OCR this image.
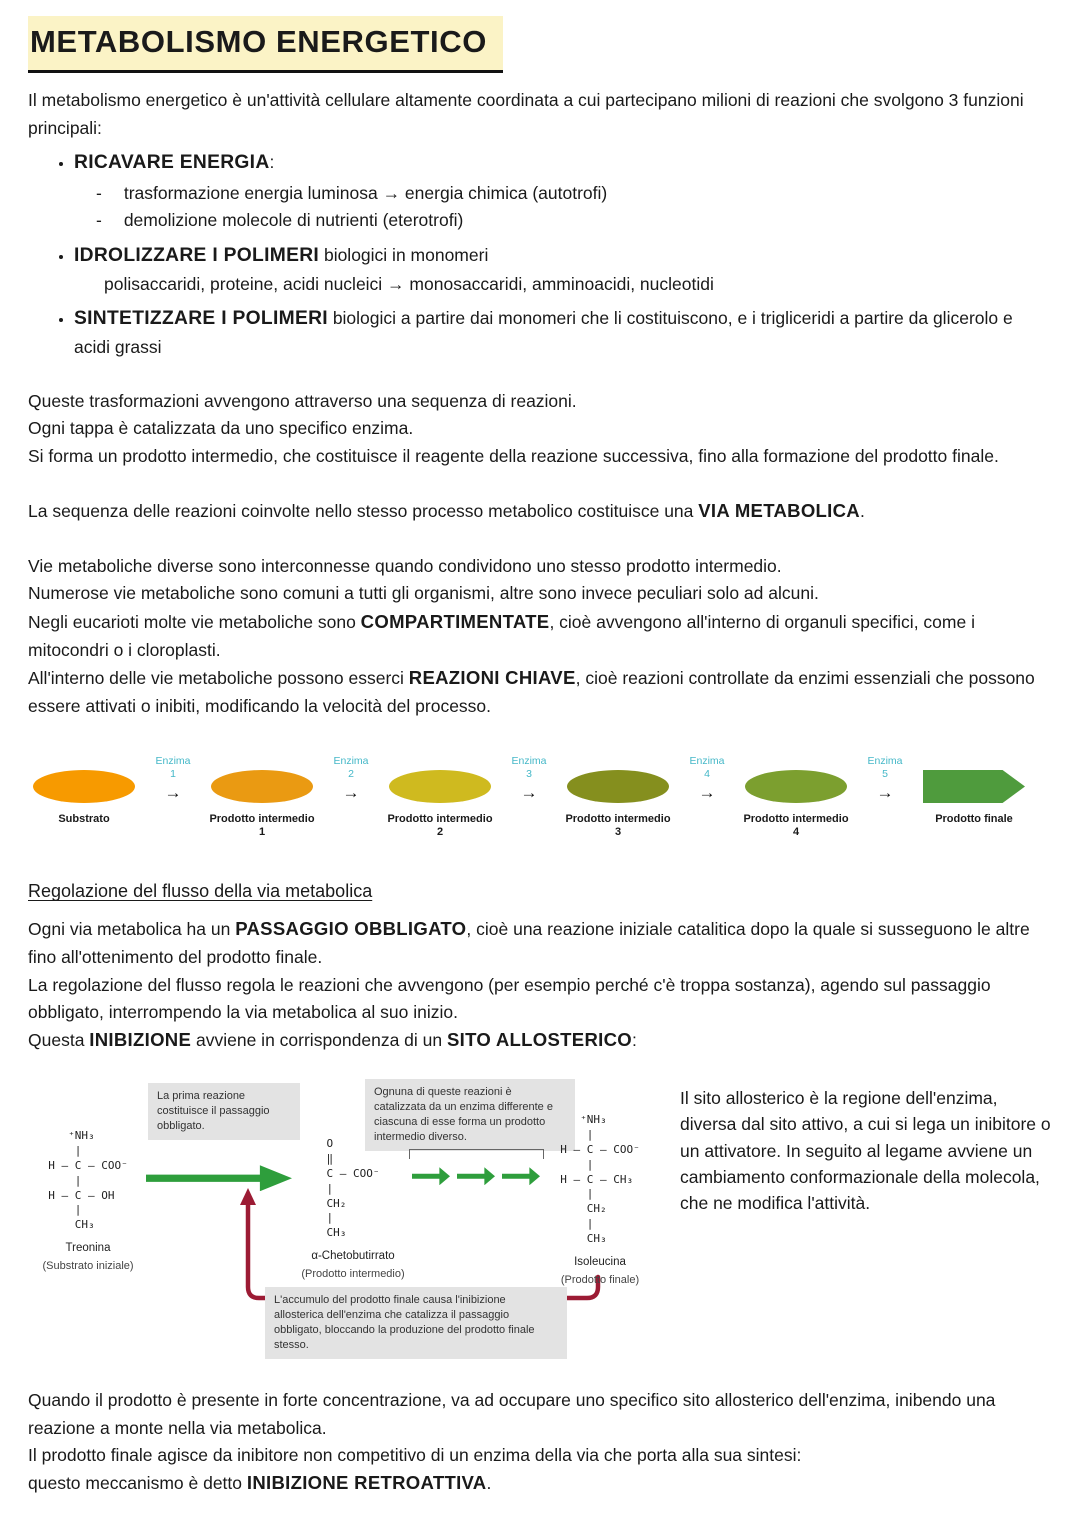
METABOLISMO ENERGETICO

Il metabolismo energetico è un'attività cellulare altamente coordinata a cui partecipano milioni di reazioni che svolgono 3 funzioni principali:

• RICAVARE ENERGIA:
- trasformazione energia luminosa → energia chimica (autotrofi)
- demolizione molecole di nutrienti (eterotrofi)
• IDROLIZZARE I POLIMERI biologici in monomeri
polisaccaridi, proteine, acidi nucleici → monosaccaridi, amminoacidi, nucleotidi
• SINTETIZZARE I POLIMERI biologici a partire dai monomeri che li costituiscono, e i trigliceridi a partire da glicerolo e acidi grassi

Queste trasformazioni avvengono attraverso una sequenza di reazioni.

Ogni tappa è catalizzata da uno specifico enzima.

Si forma un prodotto intermedio, che costituisce il reagente della reazione successiva, fino alla formazione del prodotto finale.

La sequenza delle reazioni coinvolte nello stesso processo metabolico costituisce una VIA METABOLICA.

Vie metaboliche diverse sono interconnesse quando condividono uno stesso prodotto intermedio.

Numerose vie metaboliche sono comuni a tutti gli organismi, altre sono invece peculiari solo ad alcuni.

Negli eucarioti molte vie metaboliche sono COMPARTIMENTATE, cioè avvengono all'interno di organuli specifici, come i mitocondri o i cloroplasti.

All'interno delle vie metaboliche possono esserci REAZIONI CHIAVE, cioè reazioni controllate da enzimi essenziali che possono essere attivati o inibiti, modificando la velocità del processo.

Substrato
Enzima
1
→
Prodotto intermedio 1
Enzima
2
→
Prodotto intermedio 2
Enzima
3
→
Prodotto intermedio 3
Enzima
4
→
Prodotto intermedio 4
Enzima
5
→
Prodotto finale

Regolazione del flusso della via metabolica

Ogni via metabolica ha un PASSAGGIO OBBLIGATO, cioè una reazione iniziale catalitica dopo la quale si susseguono le altre fino all'ottenimento del prodotto finale.

La regolazione del flusso regola le reazioni che avvengono (per esempio perché c'è troppa sostanza), agendo sul passaggio obbligato, interrompendo la via metabolica al suo inizio.

Questa INIBIZIONE avviene in corrispondenza di un SITO ALLOSTERICO:

La prima reazione costituisce il passaggio obbligato.
Ognuna di queste reazioni è catalizzata da un enzima differente e ciascuna di esse forma un prodotto intermedio diverso.
⁺NH₃
|
H — C — COO⁻
|
H — C — OH
|
CH₃
Treonina
(Substrato iniziale)
O
‖
C — COO⁻
|
CH₂
|
CH₃
α-Chetobutirrato
(Prodotto intermedio)
⁺NH₃
|
H — C — COO⁻
|
H — C — CH₃
|
CH₂
|
CH₃
Isoleucina
(Prodotto finale)
L'accumulo del prodotto finale causa l'inibizione allosterica dell'enzima che catalizza il passaggio obbligato, bloccando la produzione del prodotto finale stesso.
Il sito allosterico è la regione dell'enzima, diversa dal sito attivo, a cui si lega un inibitore o un attivatore. In seguito al legame avviene un cambiamento conformazionale della molecola, che ne modifica l'attività.

Quando il prodotto è presente in forte concentrazione, va ad occupare uno specifico sito allosterico dell'enzima, inibendo una reazione a monte nella via metabolica.

Il prodotto finale agisce da inibitore non competitivo di un enzima della via che porta alla sua sintesi:

questo meccanismo è detto INIBIZIONE RETROATTIVA.
